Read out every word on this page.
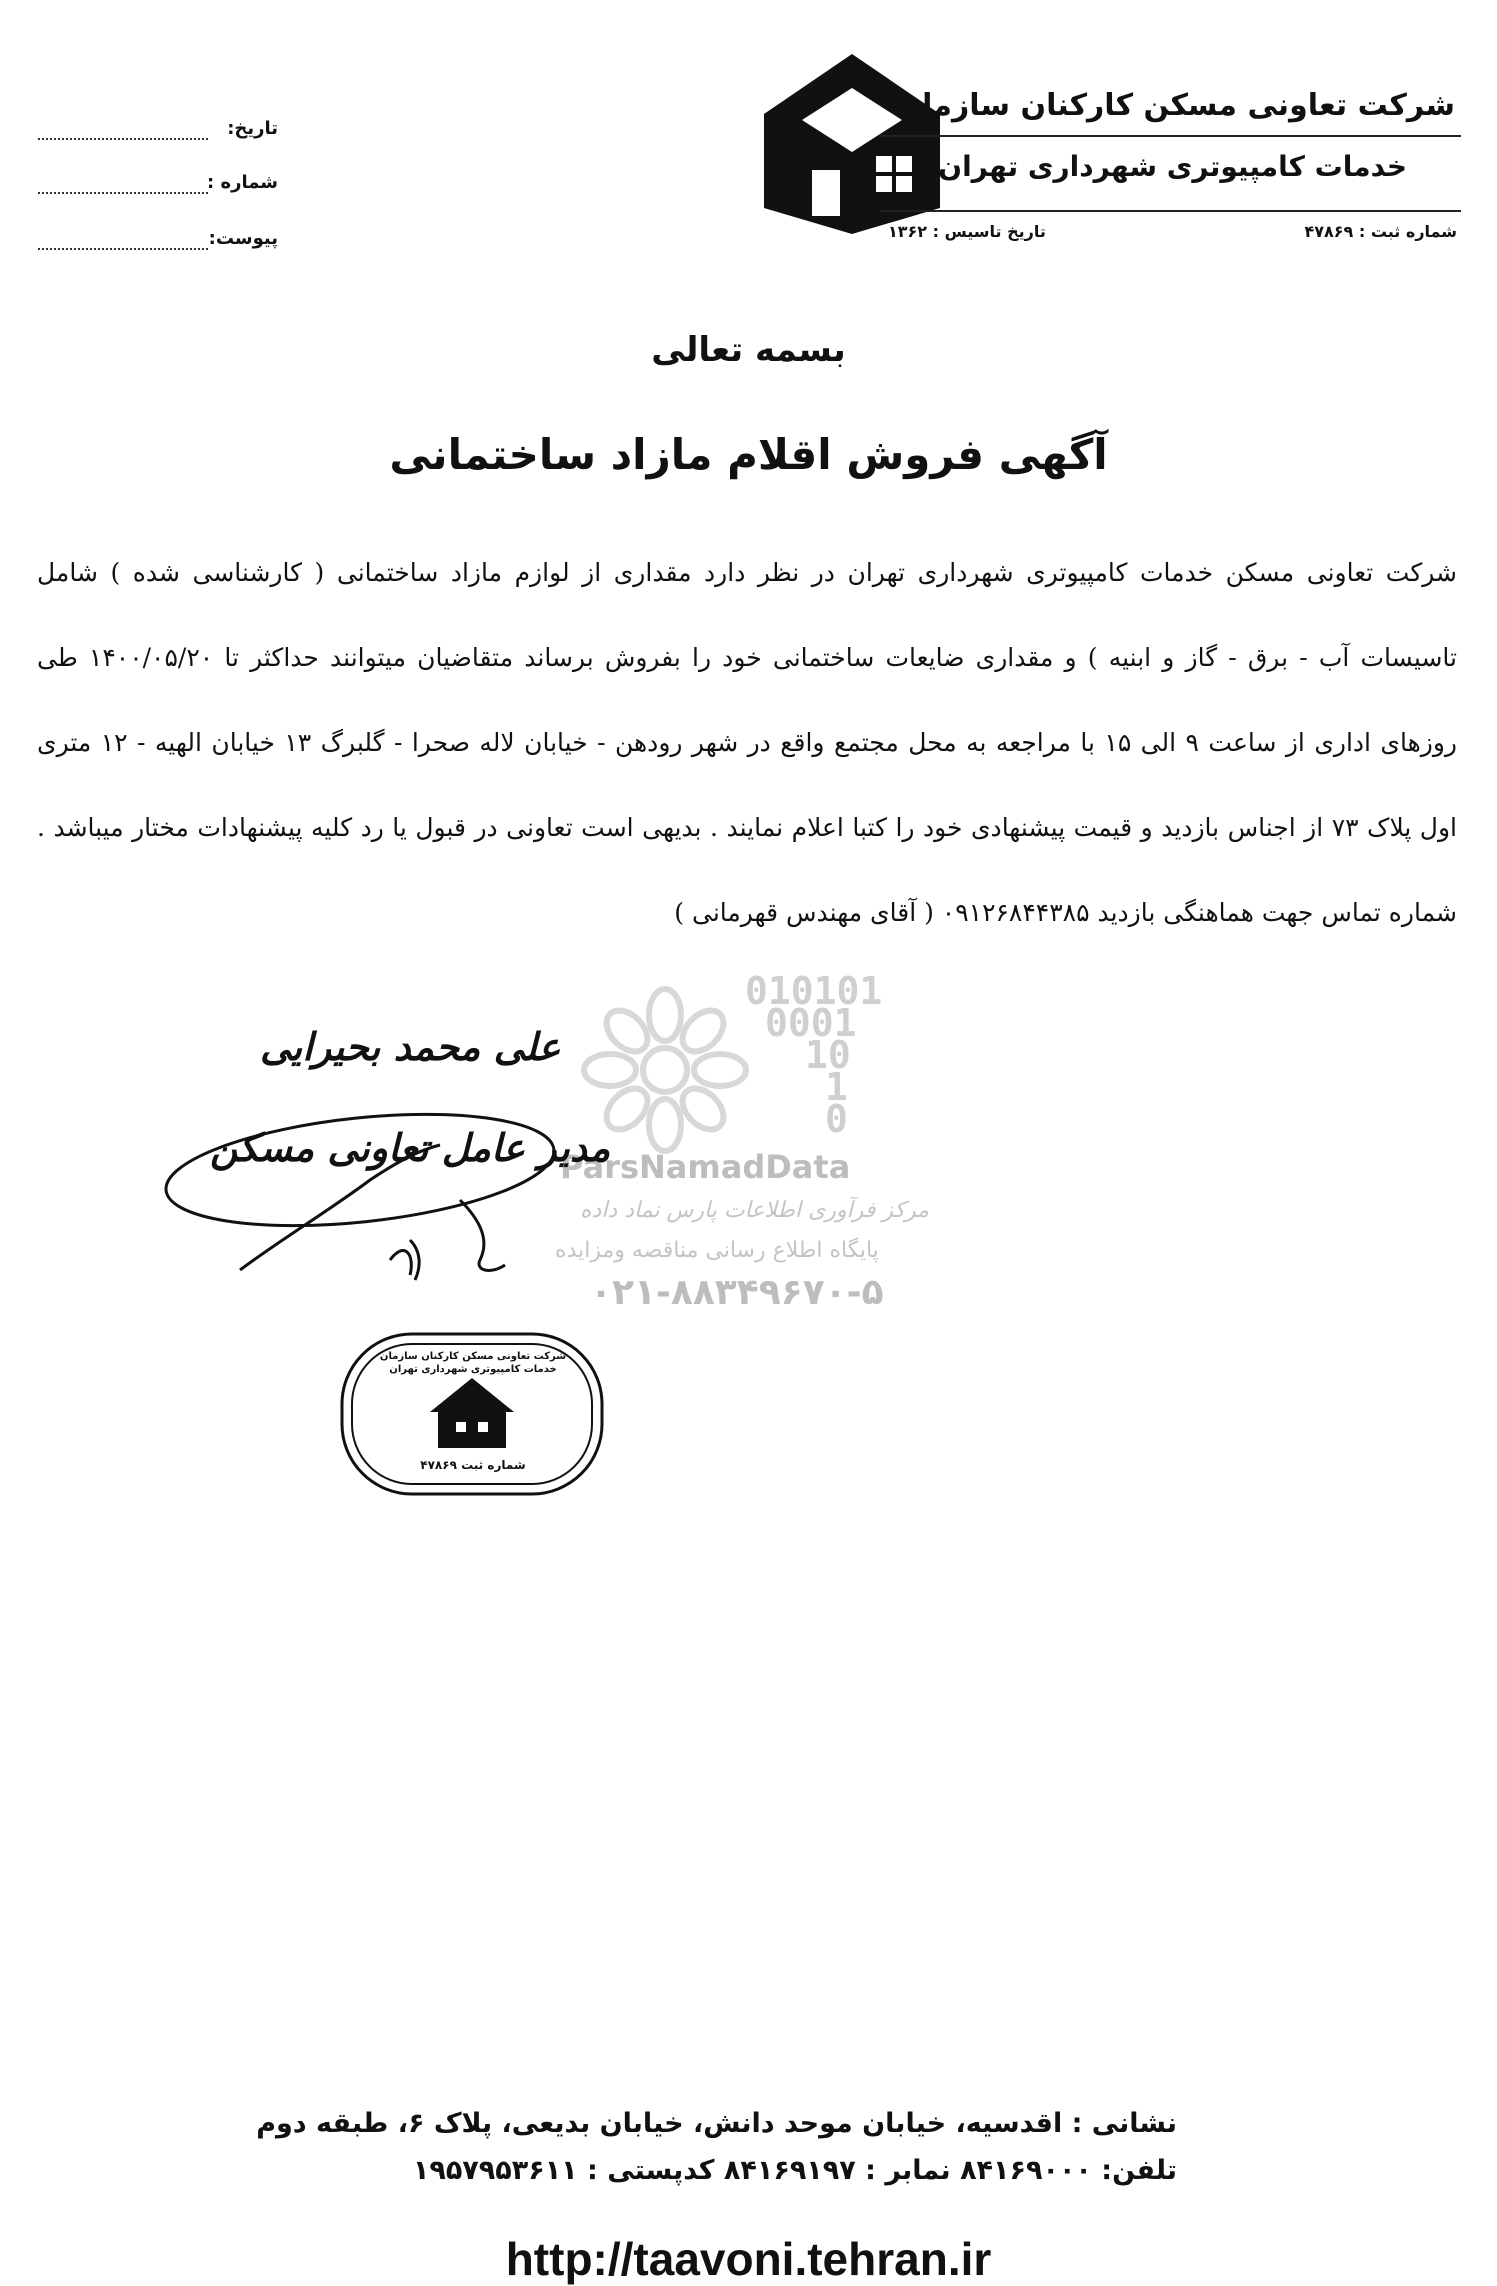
شرکت تعاونی مسکن کارکنان سازمان
خدمات کامپیوتری شهرداری تهران
شماره ثبت : ۴۷۸۶۹
تاریخ تاسیس : ۱۳۶۲
تاریخ:
شماره :
پیوست:
بسمه تعالی
آگهی فروش اقلام مازاد ساختمانی
شرکت تعاونی مسکن خدمات کامپیوتری شهرداری تهران در نظر دارد مقداری از لوازم مازاد ساختمانی ( کارشناسی شده ) شامل تاسیسات آب - برق - گاز و ابنیه ) و مقداری ضایعات ساختمانی خود را بفروش برساند متقاضیان میتوانند حداکثر تا ۱۴۰۰/۰۵/۲۰ طی روزهای اداری از ساعت ۹ الی ۱۵ با مراجعه به محل مجتمع واقع در شهر رودهن - خیابان لاله صحرا - گلبرگ ۱۳ خیابان الهیه - ۱۲ متری اول پلاک ۷۳ از اجناس بازدید و قیمت پیشنهادی خود را کتبا اعلام نمایند . بدیهی است تعاونی در قبول یا رد کلیه پیشنهادات مختار میباشد . شماره تماس جهت هماهنگی بازدید ۰۹۱۲۶۸۴۴۳۸۵ ( آقای مهندس قهرمانی )
010101
0001
10
1
0
ParsNamadData
مرکز فرآوری اطلاعات پارس نماد داده
پایگاه اطلاع رسانی مناقصه ومزایده
۰۲۱-۸۸۳۴۹۶۷۰-۵
علی محمد بحیرایی
مدیر عامل تعاونی مسکن
شرکت تعاونی مسکن کارکنان سازمان خدمات کامپیوتری شهرداری تهران
شماره ثبت ۴۷۸۶۹
نشانی : اقدسیه، خیابان موحد دانش، خیابان بدیعی، پلاک ۶، طبقه دوم
تلفن: ۸۴۱۶۹۰۰۰ نمابر : ۸۴۱۶۹۱۹۷ کدپستی : ۱۹۵۷۹۵۳۶۱۱
http://taavoni.tehran.ir
